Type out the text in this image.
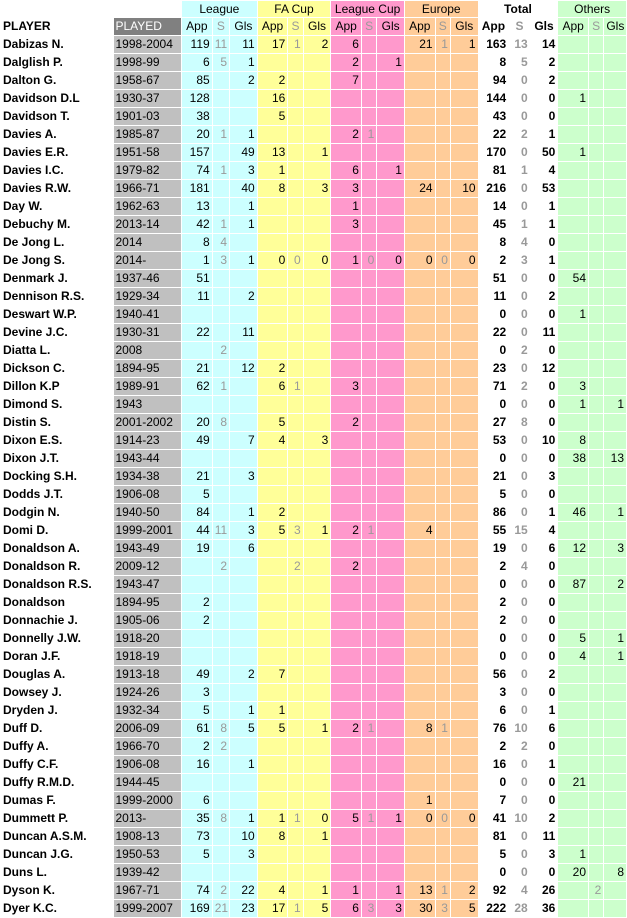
		League			FA Cup			League Cup			Europe			Total			Others		
PLAYER	PLAYED	App	S	Gls	App	S	Gls	App	S	Gls	App	S	Gls	App	S	Gls	App	S	Gls
Dabizas N.	1998-2004	119	11	11	17	1	2	6			21	1	1	163	13	14			
Dalglish P.	1998-99	6	5	1				2		1				8	5	2			
Dalton G.	1958-67	85		2	2			7						94	0	2			
Davidson D.L	1930-37	128			16									144	0	0	1		
Davidson T.	1901-03	38			5									43	0	0			
Davies A.	1985-87	20	1	1				2	1					22	2	1			
Davies E.R.	1951-58	157		49	13		1							170	0	50	1		
Davies I.C.	1979-82	74	1	3	1			6		1				81	1	4			
Davies R.W.	1966-71	181		40	8		3	3			24		10	216	0	53			
Day W.	1962-63	13		1				1						14	0	1			
Debuchy M.	2013-14	42	1	1				3						45	1	1			
De Jong L.	2014	8	4											8	4	0			
De Jong S.	2014-	1	3	1	0	0	0	1	0	0	0	0	0	2	3	1			
Denmark J.	1937-46	51												51	0	0	54		
Dennison R.S.	1929-34	11		2										11	0	2			
Deswart W.P.	1940-41													0	0	0	1		
Devine J.C.	1930-31	22		11										22	0	11			
Diatta L.	2008		2											0	2	0			
Dickson C.	1894-95	21		12	2									23	0	12			
Dillon K.P	1989-91	62	1		6	1		3						71	2	0	3		
Dimond S.	1943													0	0	0	1		1
Distin S.	2001-2002	20	8		5			2						27	8	0			
Dixon E.S.	1914-23	49		7	4		3							53	0	10	8		
Dixon J.T.	1943-44													0	0	0	38		13
Docking S.H.	1934-38	21		3										21	0	3			
Dodds J.T.	1906-08	5												5	0	0			
Dodgin N.	1940-50	84		1	2									86	0	1	46		1
Domi D.	1999-2001	44	11	3	5	3	1	2	1		4			55	15	4			
Donaldson A.	1943-49	19		6										19	0	6	12		3
Donaldson R.	2009-12		2			2		2						2	4	0			
Donaldson R.S.	1943-47													0	0	0	87		2
Donaldson	1894-95	2												2	0	0			
Donnachie J.	1905-06	2												2	0	0			
Donnelly J.W.	1918-20													0	0	0	5		1
Doran J.F.	1918-19													0	0	0	4		1
Douglas A.	1913-18	49		2	7									56	0	2			
Dowsey J.	1924-26	3												3	0	0			
Dryden J.	1932-34	5		1	1									6	0	1			
Duff D.	2006-09	61	8	5	5		1	2	1		8	1		76	10	6			
Duffy A.	1966-70	2	2											2	2	0			
Duffy C.F.	1906-08	16		1										16	0	1			
Duffy R.M.D.	1944-45													0	0	0	21		
Dumas F.	1999-2000	6									1			7	0	0			
Dummett P.	2013-	35	8	1	1	1	0	5	1	1	0	0	0	41	10	2			
Duncan A.S.M.	1908-13	73		10	8		1							81	0	11			
Duncan J.G.	1950-53	5		3										5	0	3	1		
Duns L.	1939-42													0	0	0	20		8
Dyson K.	1967-71	74	2	22	4		1	1		1	13	1	2	92	4	26		2	
Dyer K.C.	1999-2007	169	21	23	17	1	5	6	3	3	30	3	5	222	28	36			
